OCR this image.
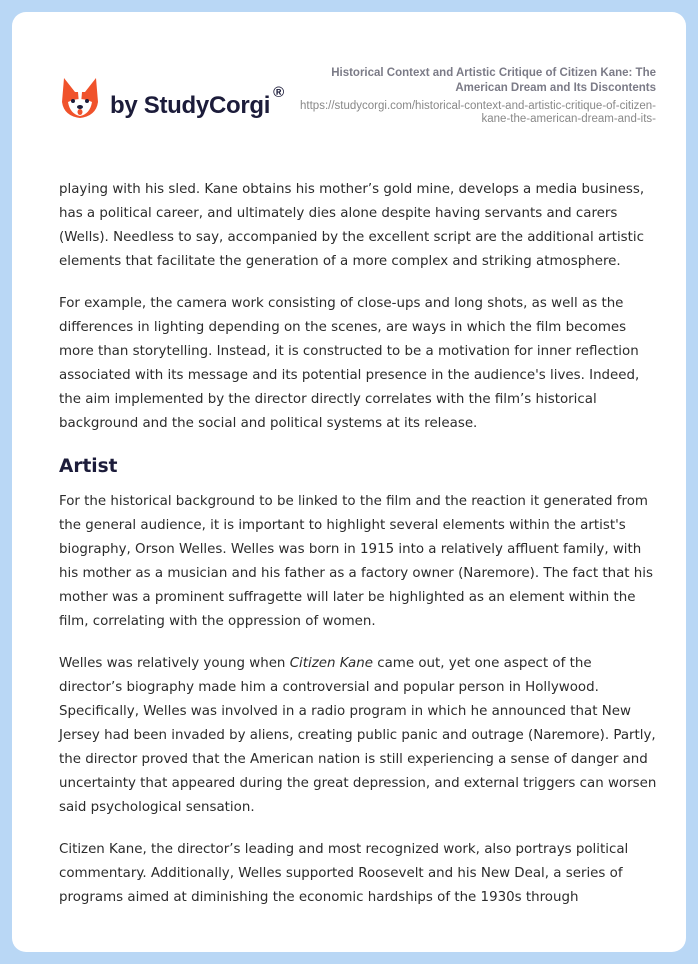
by StudyCorgi ®
Historical Context and Artistic Critique of Citizen Kane: The American Dream and Its Discontents
https://studycorgi.com/historical-context-and-artistic-critique-of-citizen-kane-the-american-dream-and-its-

playing with his sled. Kane obtains his mother’s gold mine, develops a media business, has a political career, and ultimately dies alone despite having servants and carers (Wells). Needless to say, accompanied by the excellent script are the additional artistic elements that facilitate the generation of a more complex and striking atmosphere.

For example, the camera work consisting of close-ups and long shots, as well as the differences in lighting depending on the scenes, are ways in which the film becomes more than storytelling. Instead, it is constructed to be a motivation for inner reflection associated with its message and its potential presence in the audience's lives. Indeed, the aim implemented by the director directly correlates with the film’s historical background and the social and political systems at its release.

Artist

For the historical background to be linked to the film and the reaction it generated from the general audience, it is important to highlight several elements within the artist's biography, Orson Welles. Welles was born in 1915 into a relatively affluent family, with his mother as a musician and his father as a factory owner (Naremore). The fact that his mother was a prominent suffragette will later be highlighted as an element within the film, correlating with the oppression of women.

Welles was relatively young when Citizen Kane came out, yet one aspect of the director’s biography made him a controversial and popular person in Hollywood. Specifically, Welles was involved in a radio program in which he announced that New Jersey had been invaded by aliens, creating public panic and outrage (Naremore). Partly, the director proved that the American nation is still experiencing a sense of danger and uncertainty that appeared during the great depression, and external triggers can worsen said psychological sensation.

Citizen Kane, the director’s leading and most recognized work, also portrays political commentary. Additionally, Welles supported Roosevelt and his New Deal, a series of programs aimed at diminishing the economic hardships of the 1930s through
